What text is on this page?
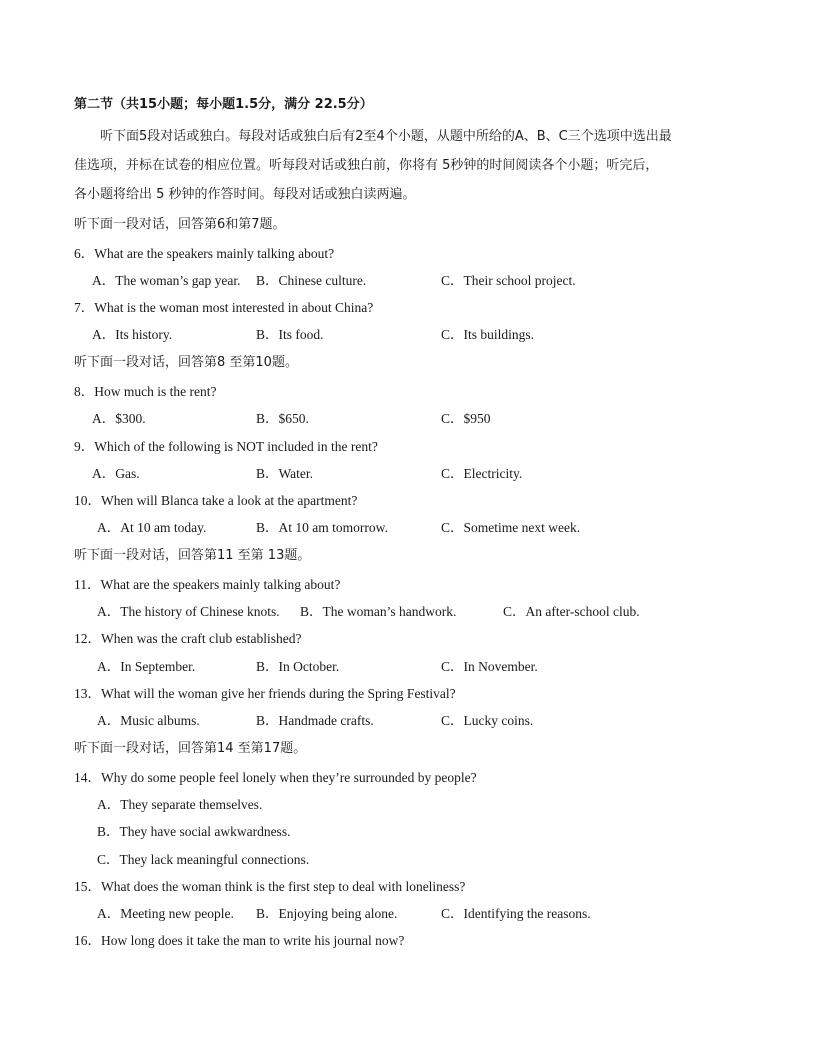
第二节（共15小题；每小题1.5分，满分 22.5分）
听下面5段对话或独白。每段对话或独白后有2至4个小题，从题中所给的A、B、C三个选项中选出最
佳选项，并标在试卷的相应位置。听每段对话或独白前，你将有 5秒钟的时间阅读各个小题；听完后，
各小题将给出 5 秒钟的作答时间。每段对话或独白读两遍。
听下面一段对话，回答第6和第7题。
6．What are the speakers mainly talking about?
A．The woman’s gap year. B．Chinese culture.	C．Their school project.
7．What is the woman most interested in about China?
A．Its history.	B．Its food.	C．Its buildings.
听下面一段对话，回答第8 至第10题。
8．How much is the rent?
A．$300.	B．$650.	C．$950
9．Which of the following is NOT included in the rent?
A．Gas.	B．Water.	C．Electricity.
10．When will Blanca take a look at the apartment?
A．At 10 am today.	B．At 10 am tomorrow.	C．Sometime next week.
听下面一段对话，回答第11 至第 13题。
11．What are the speakers mainly talking about?
A．The history of Chinese knots. B．The woman’s handwork.	C．An after-school club.
12．When was the craft club established?
A．In September.	B．In October.	C．In November.
13．What will the woman give her friends during the Spring Festival?
A．Music albums.	B．Handmade crafts.	C．Lucky coins.
听下面一段对话，回答第14 至第17题。
14．Why do some people feel lonely when they’re surrounded by people?
A．They separate themselves.
B．They have social awkwardness.
C．They lack meaningful connections.
15．What does the woman think is the first step to deal with loneliness?
A．Meeting new people. B．Enjoying being alone.	C．Identifying the reasons.
16．How long does it take the man to write his journal now?
